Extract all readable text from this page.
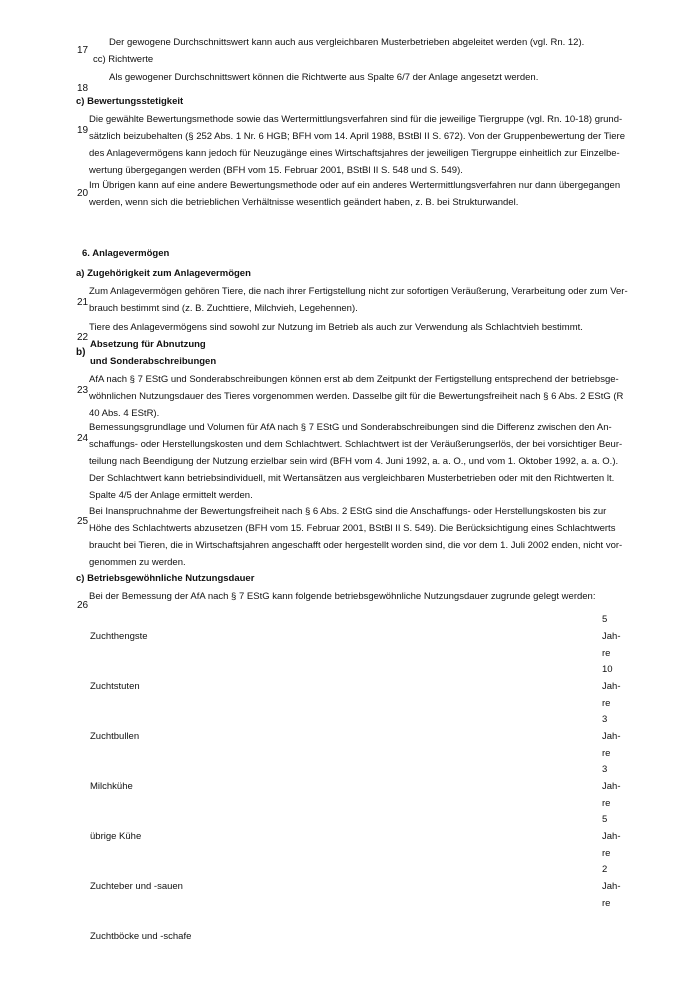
Der gewogene Durchschnittswert kann auch aus vergleichbaren Musterbetrieben abgeleitet werden (vgl. Rn. 12).
17
cc) Richtwerte
Als gewogener Durchschnittswert können die Richtwerte aus Spalte 6/7 der Anlage angesetzt werden.
18
c) Bewertungsstetigkeit
19
Die gewählte Bewertungsmethode sowie das Wertermittlungsverfahren sind für die jeweilige Tiergruppe (vgl. Rn. 10-18) grund-
sätzlich beizubehalten (§ 252 Abs. 1 Nr. 6 HGB; BFH vom 14. April 1988, BStBl II S. 672). Von der Gruppenbewertung der Tiere
des Anlagevermögens kann jedoch für Neuzugänge eines Wirtschaftsjahres der jeweiligen Tiergruppe einheitlich zur Einzelbe-
wertung übergegangen werden (BFH vom 15. Februar 2001, BStBl II S. 548 und S. 549).
20
Im Übrigen kann auf eine andere Bewertungsmethode oder auf ein anderes Wertermittlungsverfahren nur dann übergegangen
werden, wenn sich die betrieblichen Verhältnisse wesentlich geändert haben, z. B. bei Strukturwandel.
6. Anlagevermögen
a) Zugehörigkeit zum Anlagevermögen
21
Zum Anlagevermögen gehören Tiere, die nach ihrer Fertigstellung nicht zur sofortigen Veräußerung, Verarbeitung oder zum Ver-
brauch bestimmt sind (z. B. Zuchttiere, Milchvieh, Legehennen).
Tiere des Anlagevermögens sind sowohl zur Nutzung im Betrieb als auch zur Verwendung als Schlachtvieh bestimmt.
22
b)
Absetzung für Abnutzung
und Sonderabschreibungen
23
AfA nach § 7 EStG und Sonderabschreibungen können erst ab dem Zeitpunkt der Fertigstellung entsprechend der betriebsge-
wöhnlichen Nutzungsdauer des Tieres vorgenommen werden. Dasselbe gilt für die Bewertungsfreiheit nach § 6 Abs. 2 EStG (R
40 Abs. 4 EStR).
24
Bemessungsgrundlage und Volumen für AfA nach § 7 EStG und Sonderabschreibungen sind die Differenz zwischen den An-
schaffungs- oder Herstellungskosten und dem Schlachtwert. Schlachtwert ist der Veräußerungserlös, der bei vorsichtiger Beur-
teilung nach Beendigung der Nutzung erzielbar sein wird (BFH vom 4. Juni 1992, a. a. O., und vom 1. Oktober 1992, a. a. O.).
Der Schlachtwert kann betriebsindividuell, mit Wertansätzen aus vergleichbaren Musterbetrieben oder mit den Richtwerten lt.
Spalte 4/5 der Anlage ermittelt werden.
25
Bei Inanspruchnahme der Bewertungsfreiheit nach § 6 Abs. 2 EStG sind die Anschaffungs- oder Herstellungskosten bis zur
Höhe des Schlachtwerts abzusetzen (BFH vom 15. Februar 2001, BStBl II S. 549). Die Berücksichtigung eines Schlachtwerts
braucht bei Tieren, die in Wirtschaftsjahren angeschafft oder hergestellt worden sind, die vor dem 1. Juli 2002 enden, nicht vor-
genommen zu werden.
c) Betriebsgewöhnliche Nutzungsdauer
Bei der Bemessung der AfA nach § 7 EStG kann folgende betriebsgewöhnliche Nutzungsdauer zugrunde gelegt werden:
26
Zuchthengste
5
Jah-
re
Zuchtstuten
10
Jah-
re
Zuchtbullen
3
Jah-
re
Milchkühe
3
Jah-
re
übrige Kühe
5
Jah-
re
Zuchteber und -sauen
2
Jah-
re
Zuchtböcke und -schafe
